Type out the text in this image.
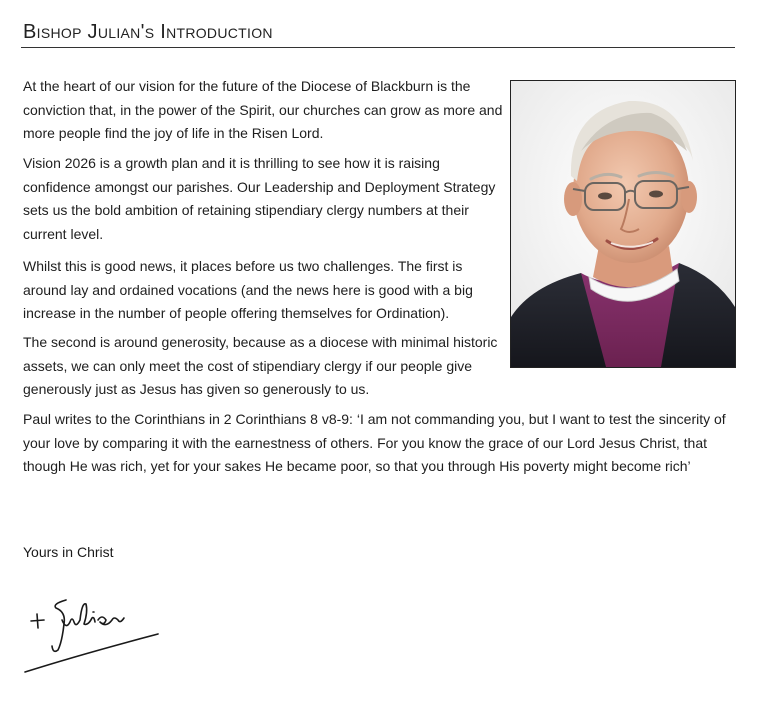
Bishop Julian's Introduction

At the heart of our vision for the future of the Diocese of Blackburn is the conviction that, in the power of the Spirit, our churches can grow as more and more people find the joy of life in the Risen Lord.

Vision 2026 is a growth plan and it is thrilling to see how it is raising confidence amongst our parishes. Our Leadership and Deployment Strategy sets us the bold ambition of retaining stipendiary clergy numbers at their current level.

Whilst this is good news, it places before us two challenges. The first is around lay and ordained vocations (and the news here is good with a big increase in the number of people offering themselves for Ordination).

The second is around generosity, because as a diocese with minimal historic assets, we can only meet the cost of stipendiary clergy if our people give generously just as Jesus has given so generously to us.

Paul writes to the Corinthians in 2 Corinthians 8 v8-9: ‘I am not commanding you, but I want to test the sincerity of your love by comparing it with the earnestness of others. For you know the grace of our Lord Jesus Christ, that though He was rich, yet for your sakes He became poor, so that you through His poverty might become rich’

Yours in Christ
